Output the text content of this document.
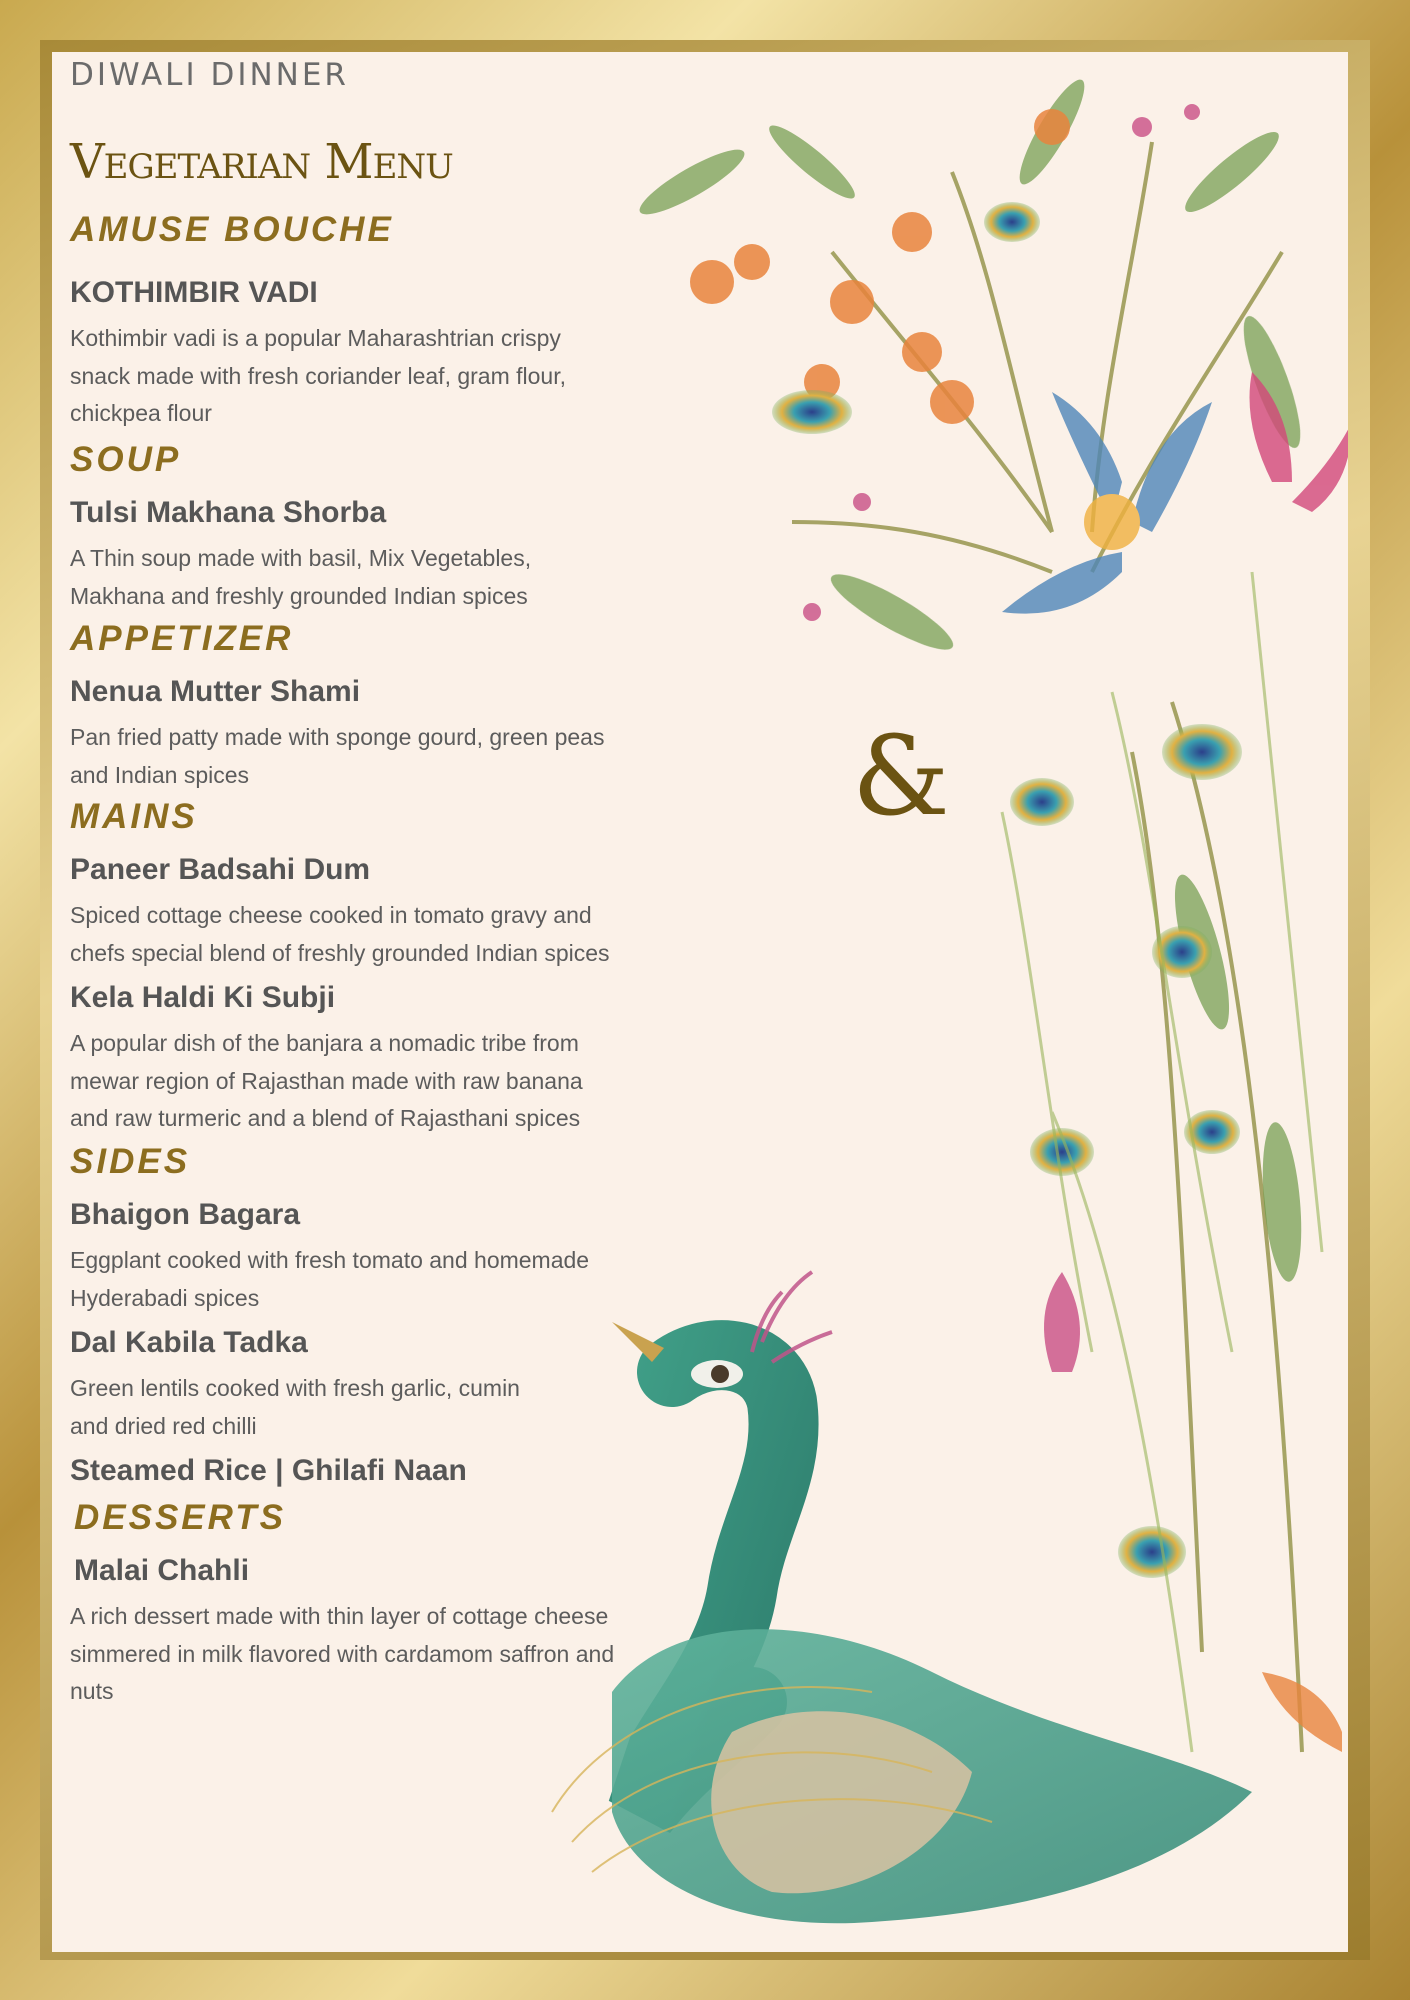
&
DIWALI DINNER
Vegetarian Menu
AMUSE BOUCHE
KOTHIMBIR VADI
Kothimbir vadi is a popular Maharashtrian crispy
snack made with fresh coriander leaf, gram flour,
chickpea flour
SOUP
Tulsi Makhana Shorba
A Thin soup made with basil, Mix Vegetables,
Makhana and freshly grounded Indian spices
APPETIZER
Nenua Mutter Shami
Pan fried patty made with sponge gourd, green peas
and Indian spices
MAINS
Paneer Badsahi Dum
Spiced cottage cheese cooked in tomato gravy and
chefs special blend of freshly grounded Indian spices
Kela Haldi Ki Subji
A popular dish of the banjara a nomadic tribe from
mewar region of Rajasthan made with raw banana
and raw turmeric and a blend of Rajasthani spices
SIDES
Bhaigon Bagara
Eggplant cooked with fresh tomato and homemade
Hyderabadi spices
Dal Kabila Tadka
Green lentils cooked with fresh garlic, cumin
and dried red chilli
Steamed Rice | Ghilafi Naan
DESSERTS
Malai Chahli
A rich dessert made with thin layer of cottage cheese
simmered in milk flavored with cardamom saffron and
nuts
